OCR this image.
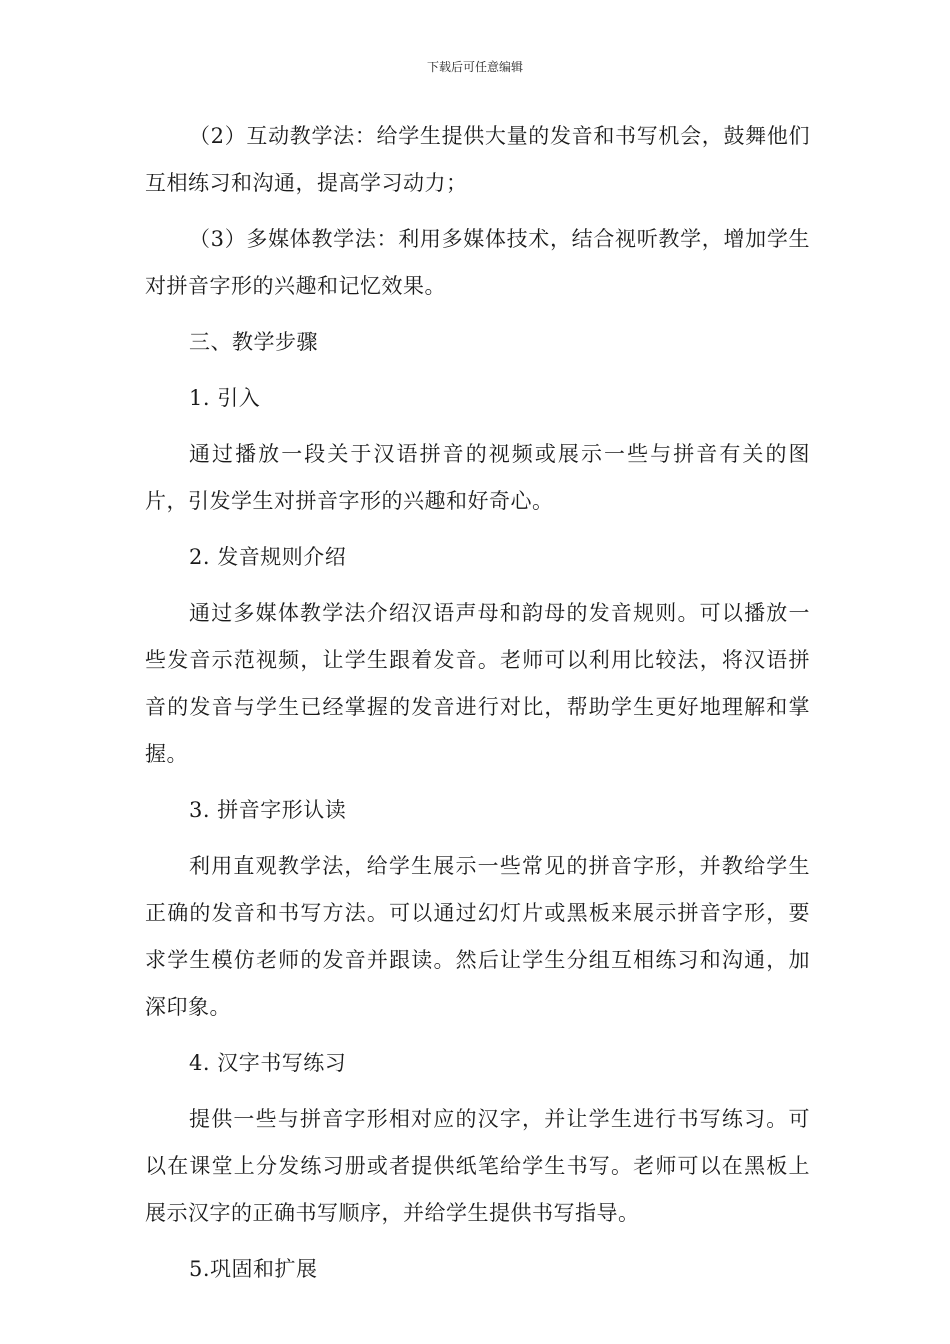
下载后可任意编辑

（2）互动教学法：给学生提供大量的发音和书写机会，鼓舞他们互相练习和沟通，提高学习动力；

（3）多媒体教学法：利用多媒体技术，结合视听教学，增加学生对拼音字形的兴趣和记忆效果。

三、教学步骤

1. 引入

通过播放一段关于汉语拼音的视频或展示一些与拼音有关的图片，引发学生对拼音字形的兴趣和好奇心。

2. 发音规则介绍

通过多媒体教学法介绍汉语声母和韵母的发音规则。可以播放一些发音示范视频，让学生跟着发音。老师可以利用比较法，将汉语拼音的发音与学生已经掌握的发音进行对比，帮助学生更好地理解和掌握。

3. 拼音字形认读

利用直观教学法，给学生展示一些常见的拼音字形，并教给学生正确的发音和书写方法。可以通过幻灯片或黑板来展示拼音字形，要求学生模仿老师的发音并跟读。然后让学生分组互相练习和沟通，加深印象。

4. 汉字书写练习

提供一些与拼音字形相对应的汉字，并让学生进行书写练习。可以在课堂上分发练习册或者提供纸笔给学生书写。老师可以在黑板上展示汉字的正确书写顺序，并给学生提供书写指导。

5.巩固和扩展
